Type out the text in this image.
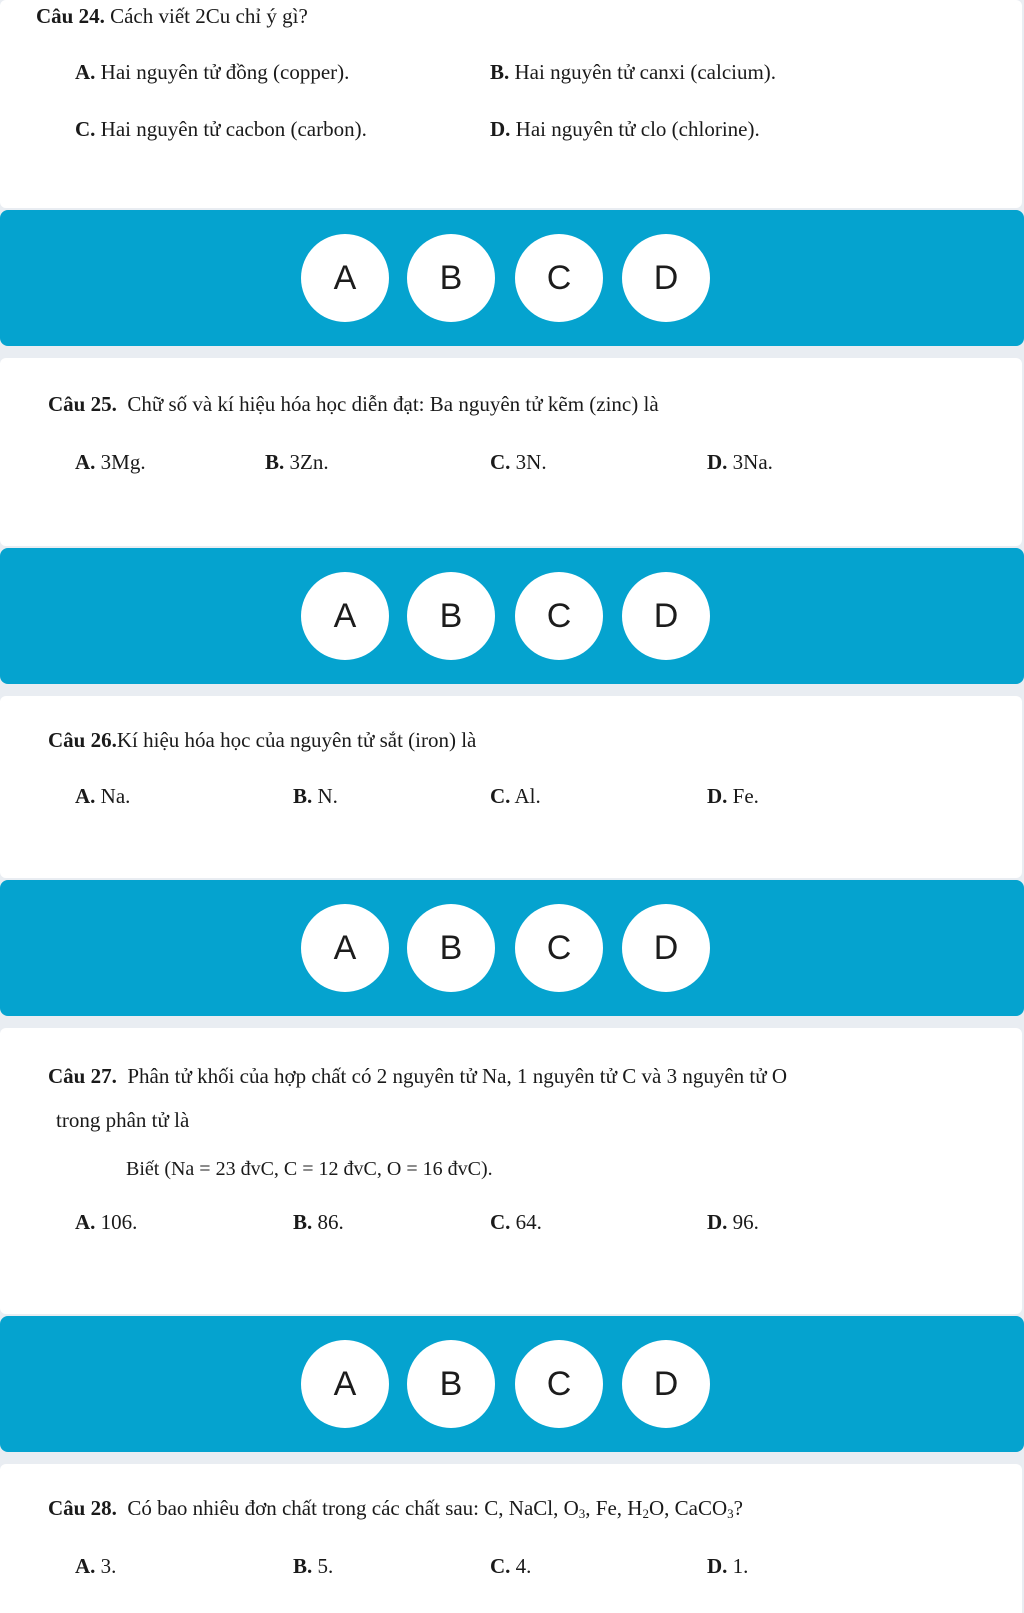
Câu 24. Cách viết 2Cu chỉ ý gì?
A. Hai nguyên tử đồng (copper).	B. Hai nguyên tử canxi (calcium).
C. Hai nguyên tử cacbon (carbon).	D. Hai nguyên tử clo (chlorine).
A	B	C	D
Câu 25. Chữ số và kí hiệu hóa học diễn đạt: Ba nguyên tử kẽm (zinc) là
A. 3Mg.	B. 3Zn.	C. 3N.	D. 3Na.
A	B	C	D
Câu 26.Kí hiệu hóa học của nguyên tử sắt (iron) là
A. Na.	B. N.	C. Al.	D. Fe.
A	B	C	D
Câu 27. Phân tử khối của hợp chất có 2 nguyên tử Na, 1 nguyên tử C và 3 nguyên tử O
trong phân tử là
Biết (Na = 23 đvC, C = 12 đvC, O = 16 đvC).
A. 106.	B. 86.	C. 64.	D. 96.
A	B	C	D
Câu 28. Có bao nhiêu đơn chất trong các chất sau: C, NaCl, $O_3$, Fe, $H_2O$, CaCO$_3$?
A. 3.	B. 5.	C. 4.	D. 1.
